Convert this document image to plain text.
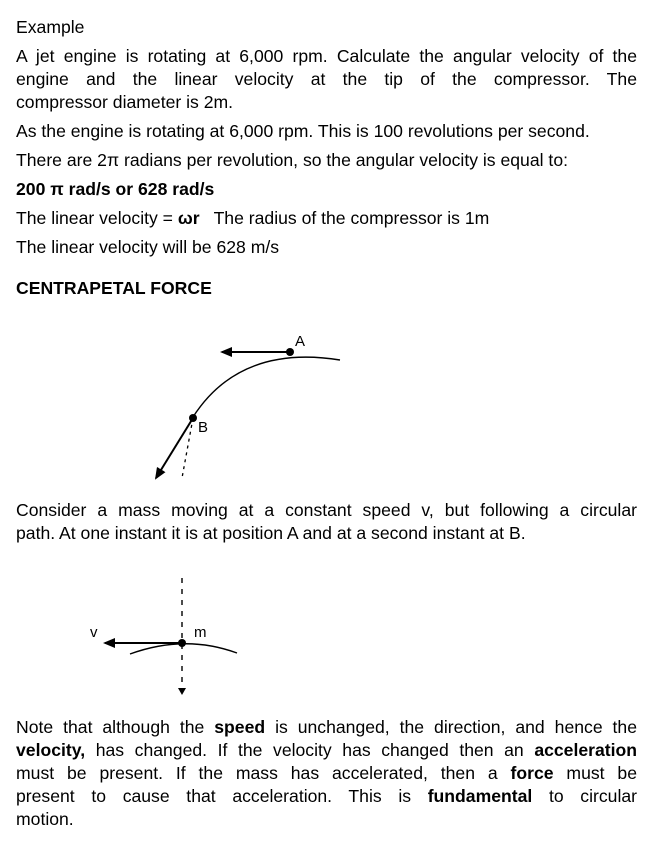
Example
A jet engine is rotating at 6,000 rpm. Calculate the angular velocity of the
engine and the linear velocity at the tip of the compressor. The
compressor diameter is 2m.
As the engine is rotating at 6,000 rpm. This is 100 revolutions per second.
There are 2π radians per revolution, so the angular velocity is equal to:
200 π rad/s or 628 rad/s
The linear velocity = ωr The radius of the compressor is 1m
The linear velocity will be 628 m/s
CENTRAPETAL FORCE
A
B
Consider a mass moving at a constant speed v, but following a circular
path. At one instant it is at position A and at a second instant at B.
v	m
Note that although the speed is unchanged, the direction, and hence the
velocity, has changed. If the velocity has changed then an acceleration
must be present. If the mass has accelerated, then a force must be
present to cause that acceleration. This is fundamental to circular
motion.
